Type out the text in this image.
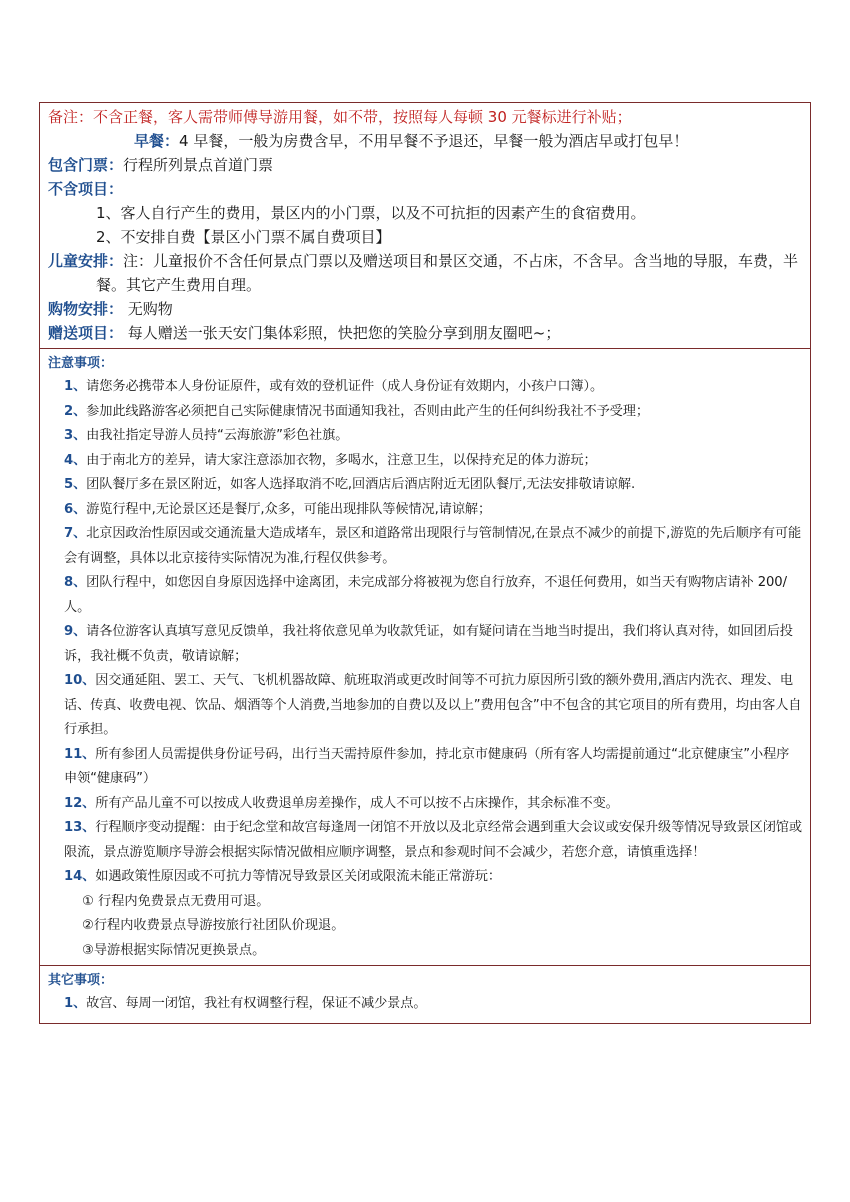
备注：不含正餐，客人需带师傅导游用餐，如不带，按照每人每顿 30 元餐标进行补贴；
早餐：4 早餐，一般为房费含早，不用早餐不予退还，早餐一般为酒店早或打包早！
包含门票：行程所列景点首道门票
不含项目：
1、客人自行产生的费用，景区内的小门票，以及不可抗拒的因素产生的食宿费用。
2、不安排自费【景区小门票不属自费项目】
儿童安排：注：儿童报价不含任何景点门票以及赠送项目和景区交通，不占床，不含早。含当地的导服，车费，半餐。其它产生费用自理。
购物安排： 无购物
赠送项目： 每人赠送一张天安门集体彩照，快把您的笑脸分享到朋友圈吧~；
注意事项：
1、请您务必携带本人身份证原件，或有效的登机证件（成人身份证有效期内，小孩户口簿）。
2、参加此线路游客必须把自己实际健康情况书面通知我社，否则由此产生的任何纠纷我社不予受理；
3、由我社指定导游人员持“云海旅游”彩色社旗。
4、由于南北方的差异，请大家注意添加衣物，多喝水，注意卫生，以保持充足的体力游玩；
5、团队餐厅多在景区附近，如客人选择取消不吃,回酒店后酒店附近无团队餐厅,无法安排敬请谅解.
6、游览行程中,无论景区还是餐厅,众多，可能出现排队等候情况,请谅解；
7、北京因政治性原因或交通流量大造成堵车，景区和道路常出现限行与管制情况,在景点不减少的前提下,游览的先后顺序有可能会有调整，具体以北京接待实际情况为准,行程仅供参考。
8、团队行程中，如您因自身原因选择中途离团，未完成部分将被视为您自行放弃，不退任何费用，如当天有购物店请补 200/人。
9、请各位游客认真填写意见反馈单，我社将依意见单为收款凭证，如有疑问请在当地当时提出，我们将认真对待，如回团后投诉，我社概不负责，敬请谅解；
10、因交通延阻、罢工、天气、飞机机器故障、航班取消或更改时间等不可抗力原因所引致的额外费用,酒店内洗衣、理发、电话、传真、收费电视、饮品、烟酒等个人消费,当地参加的自费以及以上”费用包含”中不包含的其它项目的所有费用，均由客人自行承担。
11、所有参团人员需提供身份证号码，出行当天需持原件参加，持北京市健康码（所有客人均需提前通过“北京健康宝”小程序申领“健康码”）
12、所有产品儿童不可以按成人收费退单房差操作，成人不可以按不占床操作，其余标准不变。
13、行程顺序变动提醒：由于纪念堂和故宫每逢周一闭馆不开放以及北京经常会遇到重大会议或安保升级等情况导致景区闭馆或限流，景点游览顺序导游会根据实际情况做相应顺序调整，景点和参观时间不会减少，若您介意，请慎重选择！
14、如遇政策性原因或不可抗力等情况导致景区关闭或限流未能正常游玩：
① 行程内免费景点无费用可退。
②行程内收费景点导游按旅行社团队价现退。
③导游根据实际情况更换景点。
其它事项：
1、故宫、每周一闭馆，我社有权调整行程，保证不减少景点。
